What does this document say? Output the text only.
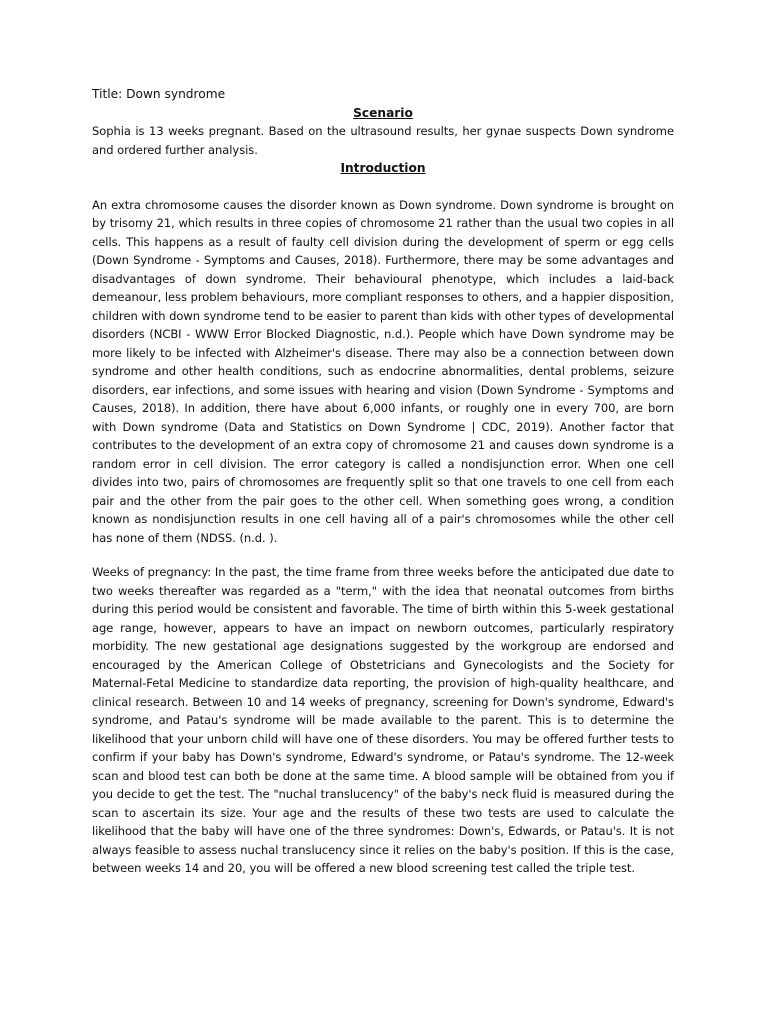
Title: Down syndrome

Scenario

Sophia is 13 weeks pregnant. Based on the ultrasound results, her gynae suspects Down syndrome and ordered further analysis.

Introduction

An extra chromosome causes the disorder known as Down syndrome. Down syndrome is brought on by trisomy 21, which results in three copies of chromosome 21 rather than the usual two copies in all cells. This happens as a result of faulty cell division during the development of sperm or egg cells (Down Syndrome - Symptoms and Causes, 2018). Furthermore, there may be some advantages and disadvantages of down syndrome. Their behavioural phenotype, which includes a laid-back demeanour, less problem behaviours, more compliant responses to others, and a happier disposition, children with down syndrome tend to be easier to parent than kids with other types of developmental disorders (NCBI - WWW Error Blocked Diagnostic, n.d.). People which have Down syndrome may be more likely to be infected with Alzheimer's disease. There may also be a connection between down syndrome and other health conditions, such as endocrine abnormalities, dental problems, seizure disorders, ear infections, and some issues with hearing and vision (Down Syndrome - Symptoms and Causes, 2018). In addition, there have about 6,000 infants, or roughly one in every 700, are born with Down syndrome (Data and Statistics on Down Syndrome | CDC, 2019). Another factor that contributes to the development of an extra copy of chromosome 21 and causes down syndrome is a random error in cell division. The error category is called a nondisjunction error. When one cell divides into two, pairs of chromosomes are frequently split so that one travels to one cell from each pair and the other from the pair goes to the other cell. When something goes wrong, a condition known as nondisjunction results in one cell having all of a pair's chromosomes while the other cell has none of them (NDSS. (n.d. ).

Weeks of pregnancy: In the past, the time frame from three weeks before the anticipated due date to two weeks thereafter was regarded as a "term," with the idea that neonatal outcomes from births during this period would be consistent and favorable. The time of birth within this 5-week gestational age range, however, appears to have an impact on newborn outcomes, particularly respiratory morbidity. The new gestational age designations suggested by the workgroup are endorsed and encouraged by the American College of Obstetricians and Gynecologists and the Society for Maternal-Fetal Medicine to standardize data reporting, the provision of high-quality healthcare, and clinical research. Between 10 and 14 weeks of pregnancy, screening for Down's syndrome, Edward's syndrome, and Patau's syndrome will be made available to the parent. This is to determine the likelihood that your unborn child will have one of these disorders. You may be offered further tests to confirm if your baby has Down's syndrome, Edward's syndrome, or Patau's syndrome. The 12-week scan and blood test can both be done at the same time. A blood sample will be obtained from you if you decide to get the test. The "nuchal translucency" of the baby's neck fluid is measured during the scan to ascertain its size. Your age and the results of these two tests are used to calculate the likelihood that the baby will have one of the three syndromes: Down's, Edwards, or Patau's. It is not always feasible to assess nuchal translucency since it relies on the baby's position. If this is the case, between weeks 14 and 20, you will be offered a new blood screening test called the triple test.
